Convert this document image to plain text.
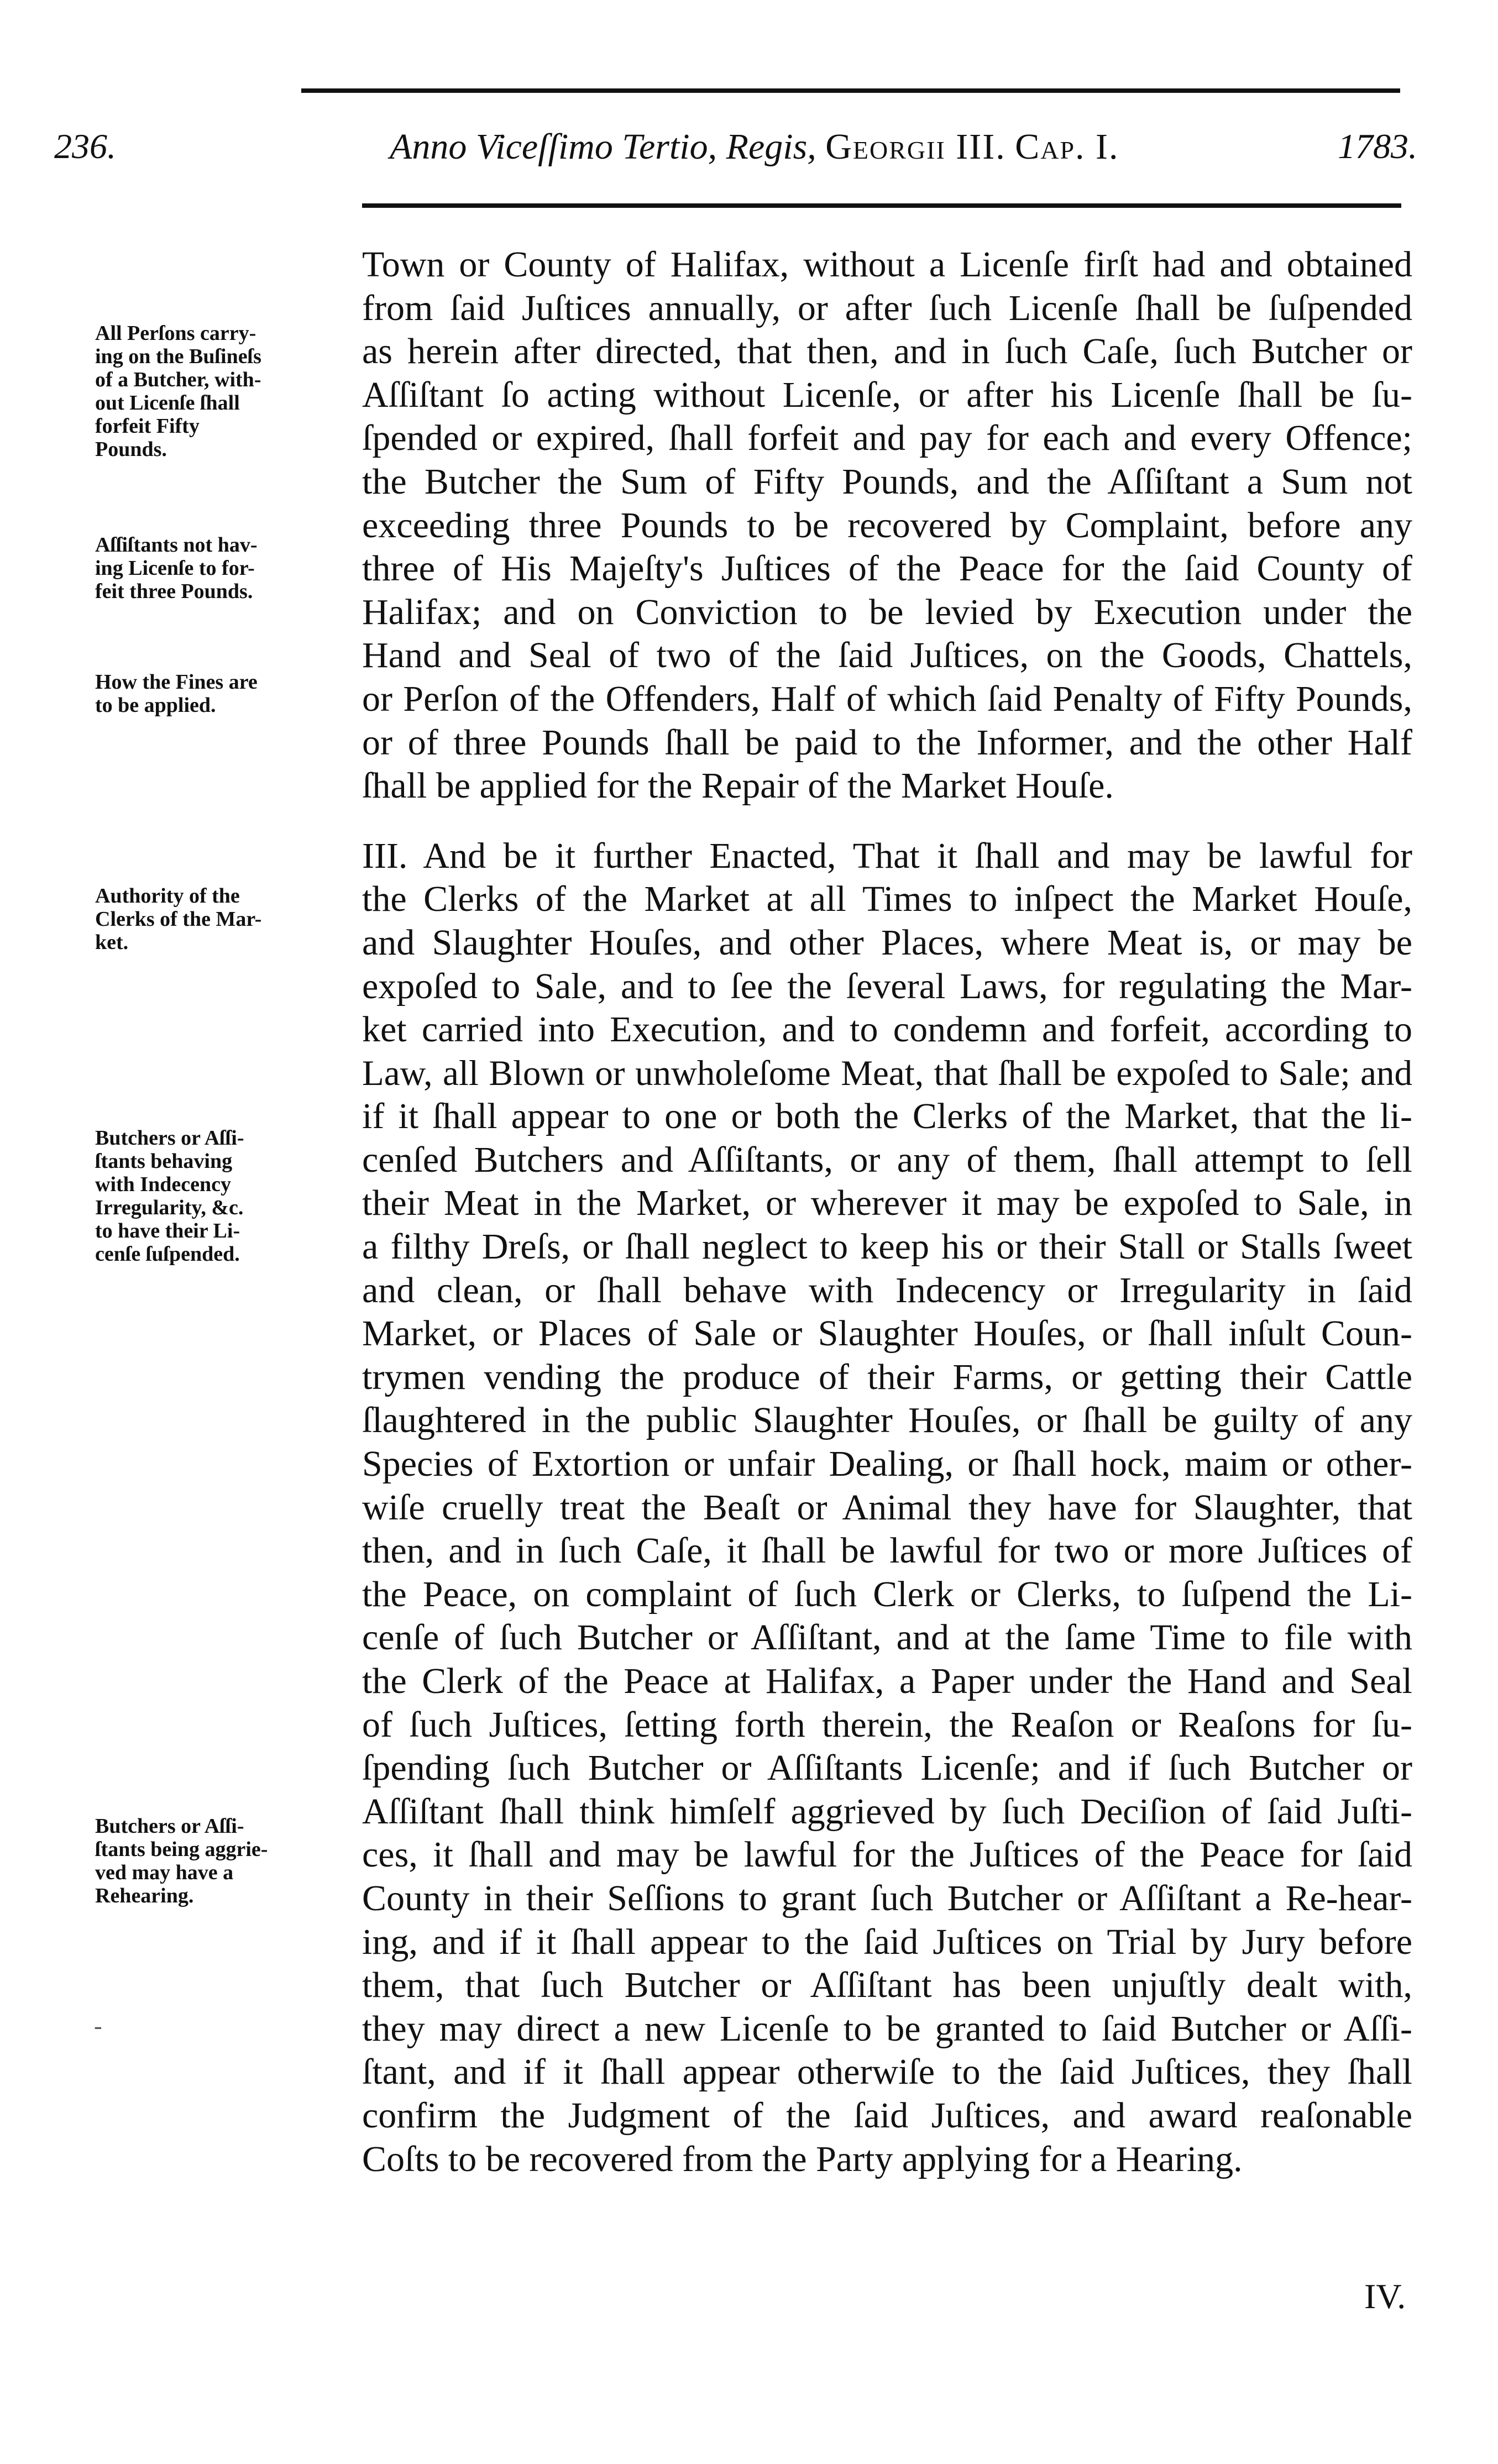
236.	Anno Viceſſimo Tertio, Regis, Georgii III. Cap. I.	1783.
All Perſons carry-
ing on the Buſineſs
of a Butcher, with-
out Licenſe ſhall
forfeit Fifty
Pounds.
Aſſiſtants not hav-
ing Licenſe to for-
feit three Pounds.
How the Fines are
to be applied.
Authority of the
Clerks of the Mar-
ket.
Butchers or Aſſi-
ſtants behaving
with Indecency
Irregularity, &c.
to have their Li-
cenſe ſuſpended.
Butchers or Aſſi-
ſtants being aggrie-
ved may have a
Rehearing.
-
Town or County of Halifax, without a Licenſe firſt had and obtained
from ſaid Juſtices annually, or after ſuch Licenſe ſhall be ſuſpended
as herein after directed, that then, and in ſuch Caſe, ſuch Butcher or
Aſſiſtant ſo acting without Licenſe, or after his Licenſe ſhall be ſu-
ſpended or expired, ſhall forfeit and pay for each and every Offence;
the Butcher the Sum of Fifty Pounds, and the Aſſiſtant a Sum not
exceeding three Pounds to be recovered by Complaint, before any
three of His Majeſty's Juſtices of the Peace for the ſaid County of
Halifax; and on Conviction to be levied by Execution under the
Hand and Seal of two of the ſaid Juſtices, on the Goods, Chattels,
or Perſon of the Offenders, Half of which ſaid Penalty of Fifty Pounds,
or of three Pounds ſhall be paid to the Informer, and the other Half
ſhall be applied for the Repair of the Market Houſe.
III. And be it further Enacted, That it ſhall and may be lawful for
the Clerks of the Market at all Times to inſpect the Market Houſe,
and Slaughter Houſes, and other Places, where Meat is, or may be
expoſed to Sale, and to ſee the ſeveral Laws, for regulating the Mar-
ket carried into Execution, and to condemn and forfeit, according to
Law, all Blown or unwholeſome Meat, that ſhall be expoſed to Sale; and
if it ſhall appear to one or both the Clerks of the Market, that the li-
cenſed Butchers and Aſſiſtants, or any of them, ſhall attempt to ſell
their Meat in the Market, or wherever it may be expoſed to Sale, in
a filthy Dreſs, or ſhall neglect to keep his or their Stall or Stalls ſweet
and clean, or ſhall behave with Indecency or Irregularity in ſaid
Market, or Places of Sale or Slaughter Houſes, or ſhall inſult Coun-
trymen vending the produce of their Farms, or getting their Cattle
ſlaughtered in the public Slaughter Houſes, or ſhall be guilty of any
Species of Extortion or unfair Dealing, or ſhall hock, maim or other-
wiſe cruelly treat the Beaſt or Animal they have for Slaughter, that
then, and in ſuch Caſe, it ſhall be lawful for two or more Juſtices of
the Peace, on complaint of ſuch Clerk or Clerks, to ſuſpend the Li-
cenſe of ſuch Butcher or Aſſiſtant, and at the ſame Time to file with
the Clerk of the Peace at Halifax, a Paper under the Hand and Seal
of ſuch Juſtices, ſetting forth therein, the Reaſon or Reaſons for ſu-
ſpending ſuch Butcher or Aſſiſtants Licenſe; and if ſuch Butcher or
Aſſiſtant ſhall think himſelf aggrieved by ſuch Deciſion of ſaid Juſti-
ces, it ſhall and may be lawful for the Juſtices of the Peace for ſaid
County in their Seſſions to grant ſuch Butcher or Aſſiſtant a Re-hear-
ing, and if it ſhall appear to the ſaid Juſtices on Trial by Jury before
them, that ſuch Butcher or Aſſiſtant has been unjuſtly dealt with,
they may direct a new Licenſe to be granted to ſaid Butcher or Aſſi-
ſtant, and if it ſhall appear otherwiſe to the ſaid Juſtices, they ſhall
confirm the Judgment of the ſaid Juſtices, and award reaſonable
Coſts to be recovered from the Party applying for a Hearing.
IV.
